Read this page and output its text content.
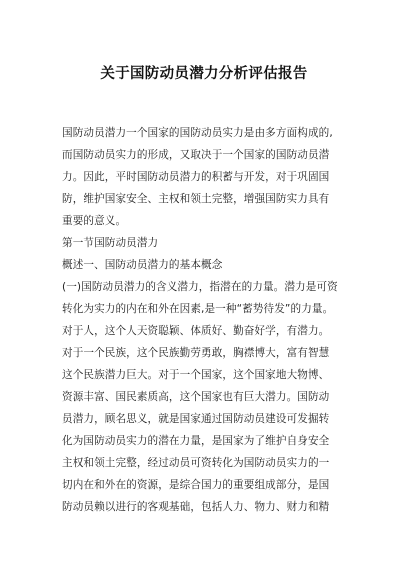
关于国防动员潜力分析评估报告
国防动员潜力一个国家的国防动员实力是由多方面构成的,
而国防动员实力的形成，又取决于一个国家的国防动员潜
力。因此，平时国防动员潜力的积蓄与开发，对于巩固国
防，维护国家安全、主权和领土完整，增强国防实力具有
重要的意义。
第一节国防动员潜力
概述一、国防动员潜力的基本概念
(一)国防动员潜力的含义潜力，指潜在的力量。潜力是可资
转化为实力的内在和外在因素,是一种“蓄势待发”的力量。
对于人，这个人天资聪颖、体质好、勤奋好学，有潜力。
对于一个民族，这个民族勤劳勇敢，胸襟博大，富有智慧
这个民族潜力巨大。对于一个国家，这个国家地大物博、
资源丰富、国民素质高，这个国家也有巨大潜力。国防动
员潜力，顾名思义，就是国家通过国防动员建设可发掘转
化为国防动员实力的潜在力量，是国家为了维护自身安全
主权和领土完整，经过动员可资转化为国防动员实力的一
切内在和外在的资源，是综合国力的重要组成部分，是国
防动员赖以进行的客观基础，包括人力、物力、财力和精
